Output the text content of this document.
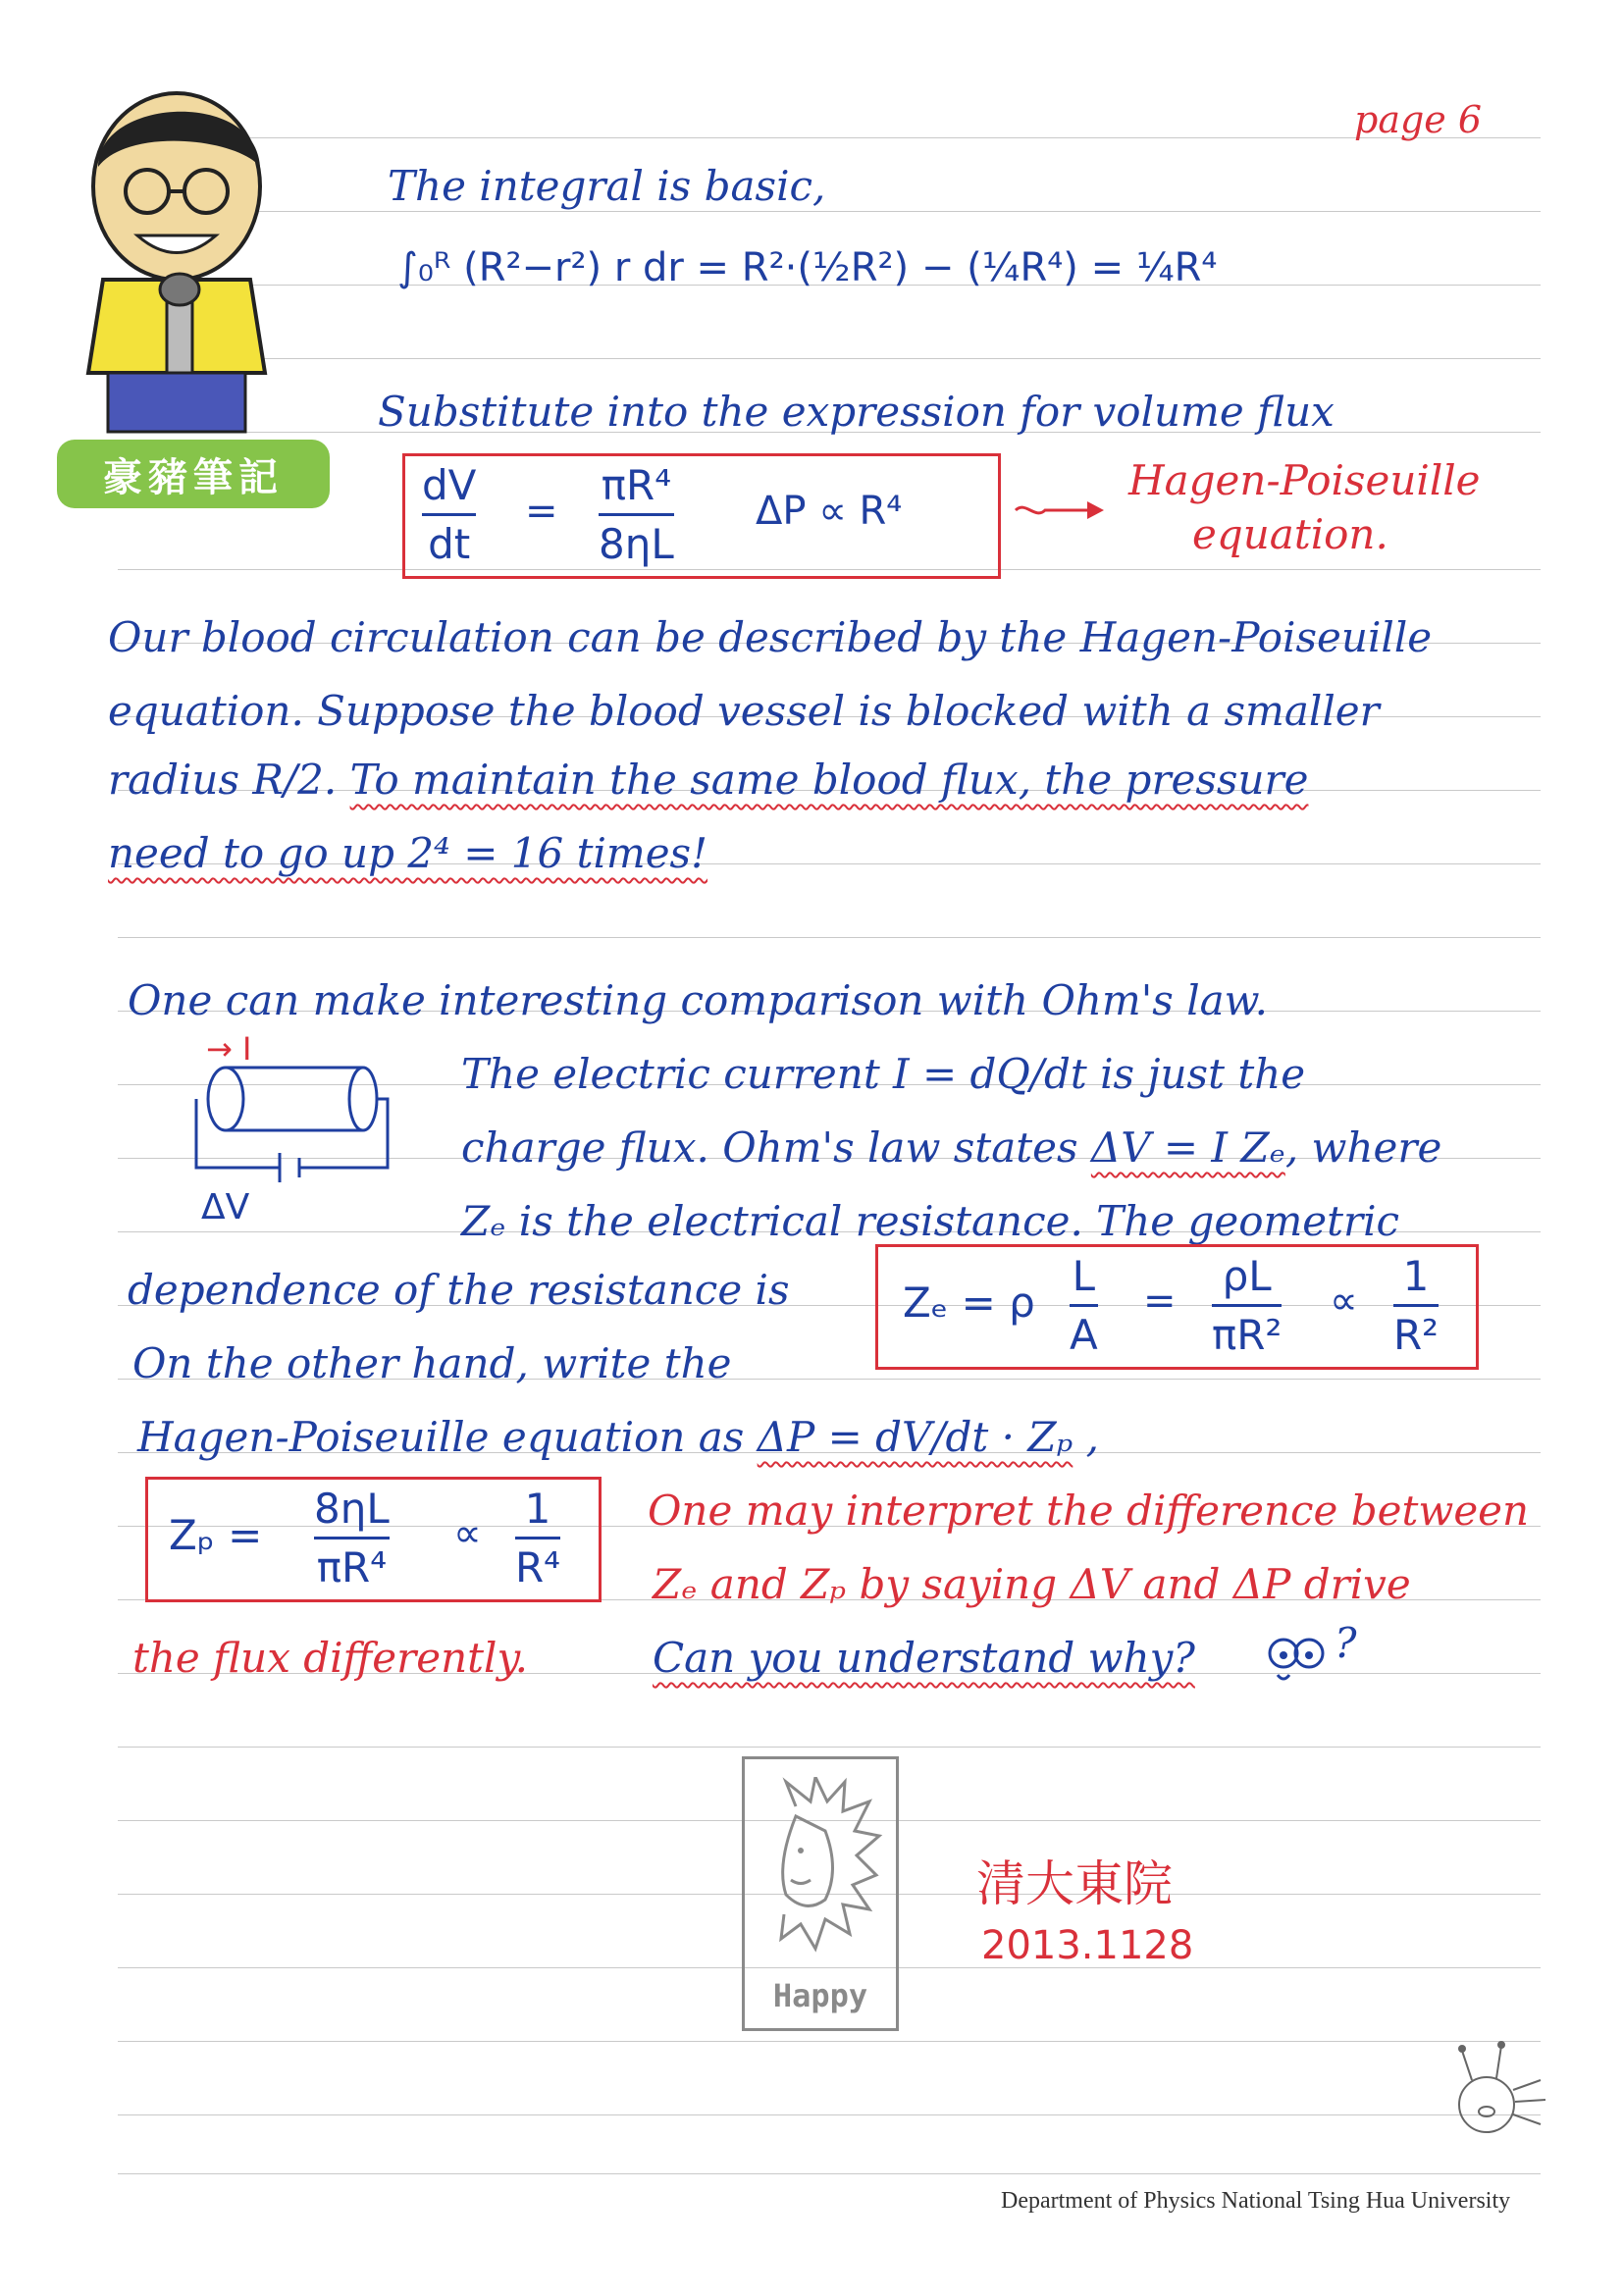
page 6
豪豬筆記
The integral is basic,
∫₀ᴿ (R²−r²) r dr = R²·(½R²) − (¼R⁴) = ¼R⁴
Substitute into the expression for volume flux
dV
dt
=
πR⁴
8ηL
ΔP ∝ R⁴
Hagen-Poiseuille
equation.
Our blood circulation can be described by the Hagen-Poiseuille
equation. Suppose the blood vessel is blocked with a smaller
radius R/2. To maintain the same blood flux, the pressure
need to go up 2⁴ = 16 times!
One can make interesting comparison with Ohm's law.
→ I
ΔV
The electric current I = dQ/dt is just the
charge flux. Ohm's law states ΔV = I Zₑ, where
Zₑ is the electrical resistance. The geometric
dependence of the resistance is	Zₑ = ρ
L
A
=
ρL
πR²
∝
1
R²
On the other hand, write the
Hagen-Poiseuille equation as ΔP = dV/dt · Zₚ ,
Zₚ =
8ηL
πR⁴
∝
1
R⁴
One may interpret the difference between
Zₑ and Zₚ by saying ΔV and ΔP drive
the flux differently.	Can you understand why?	?
Happy
清大東院
2013.1128
Department of Physics National Tsing Hua University
